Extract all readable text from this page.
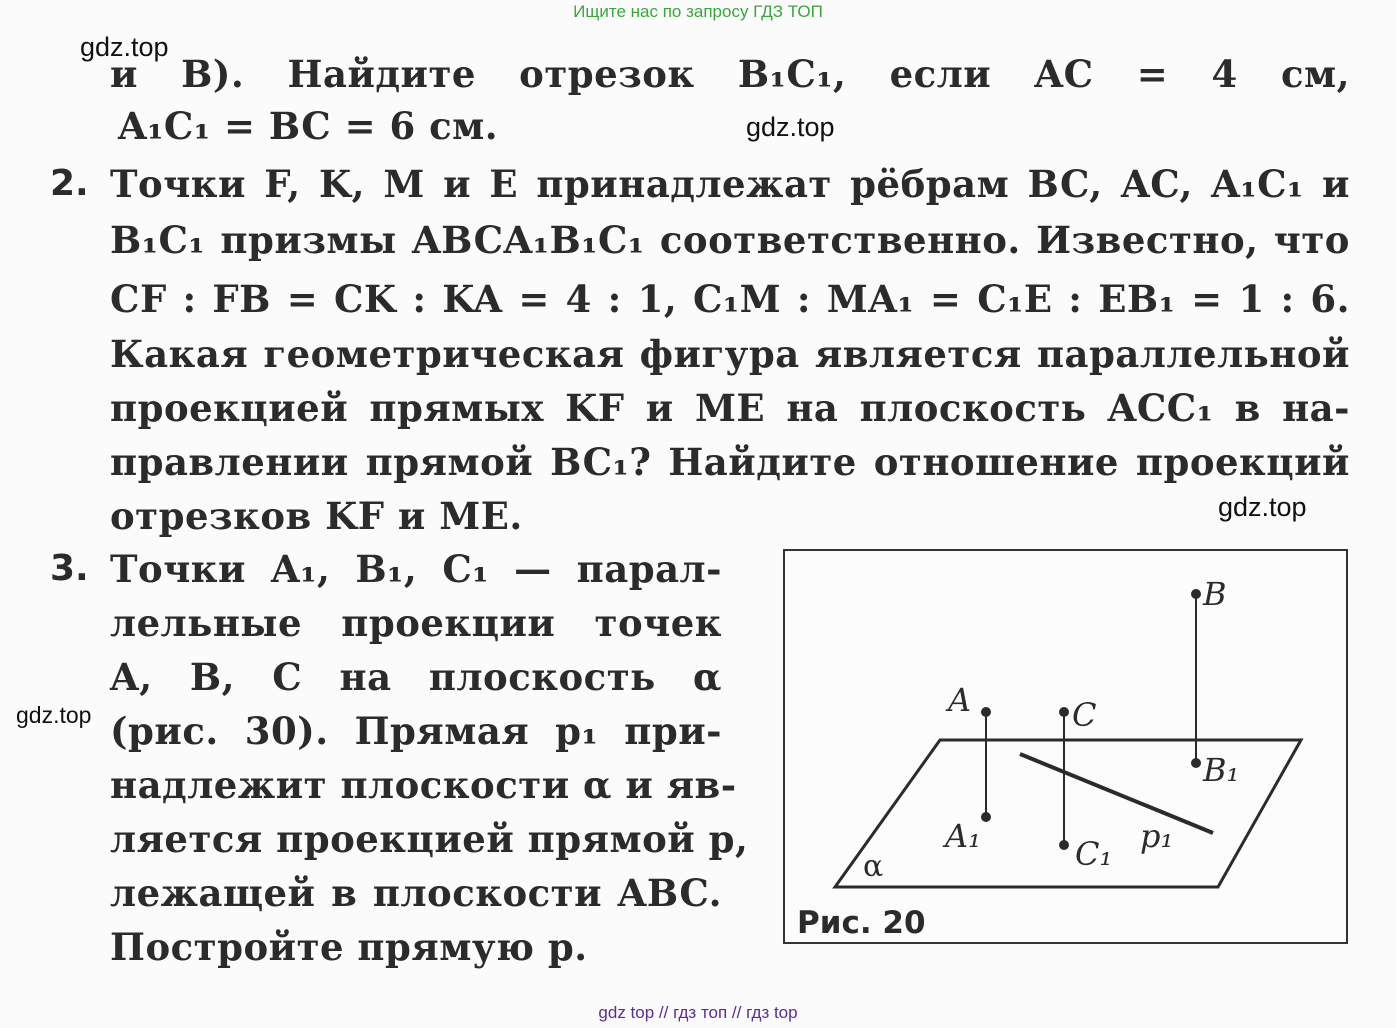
Ищите нас по запросу ГДЗ ТОП
gdz.top
gdz.top
gdz.top
gdz.top
и  B).  Найдите  отрезок  B₁C₁,  если  AC  =  4  см,
A₁C₁ = BC = 6 см.
2. Точки F, K, M и E принадлежат рёбрам BC, AC, A₁C₁ и
B₁C₁ призмы ABCA₁B₁C₁ соответственно. Известно, что
CF : FB = CK : KA = 4 : 1, C₁M : MA₁ = C₁E : EB₁ = 1 : 6.
Какая геометрическая фигура является параллельной
проекцией прямых KF и ME на плоскость ACC₁ в на-
правлении прямой BC₁? Найдите отношение проекций
отрезков KF и ME.
3. Точки A₁, B₁, C₁ — парал-
лельные проекции точек
A, B, C на плоскость α
(рис. 30). Прямая p₁ при-
надлежит плоскости α и яв-
ляется проекцией прямой p,
лежащей в плоскости ABC.
Постройте прямую p.
B
B₁
A
A₁
C
C₁ p₁
α
Рис. 20
gdz top // гдз топ // гдз top
